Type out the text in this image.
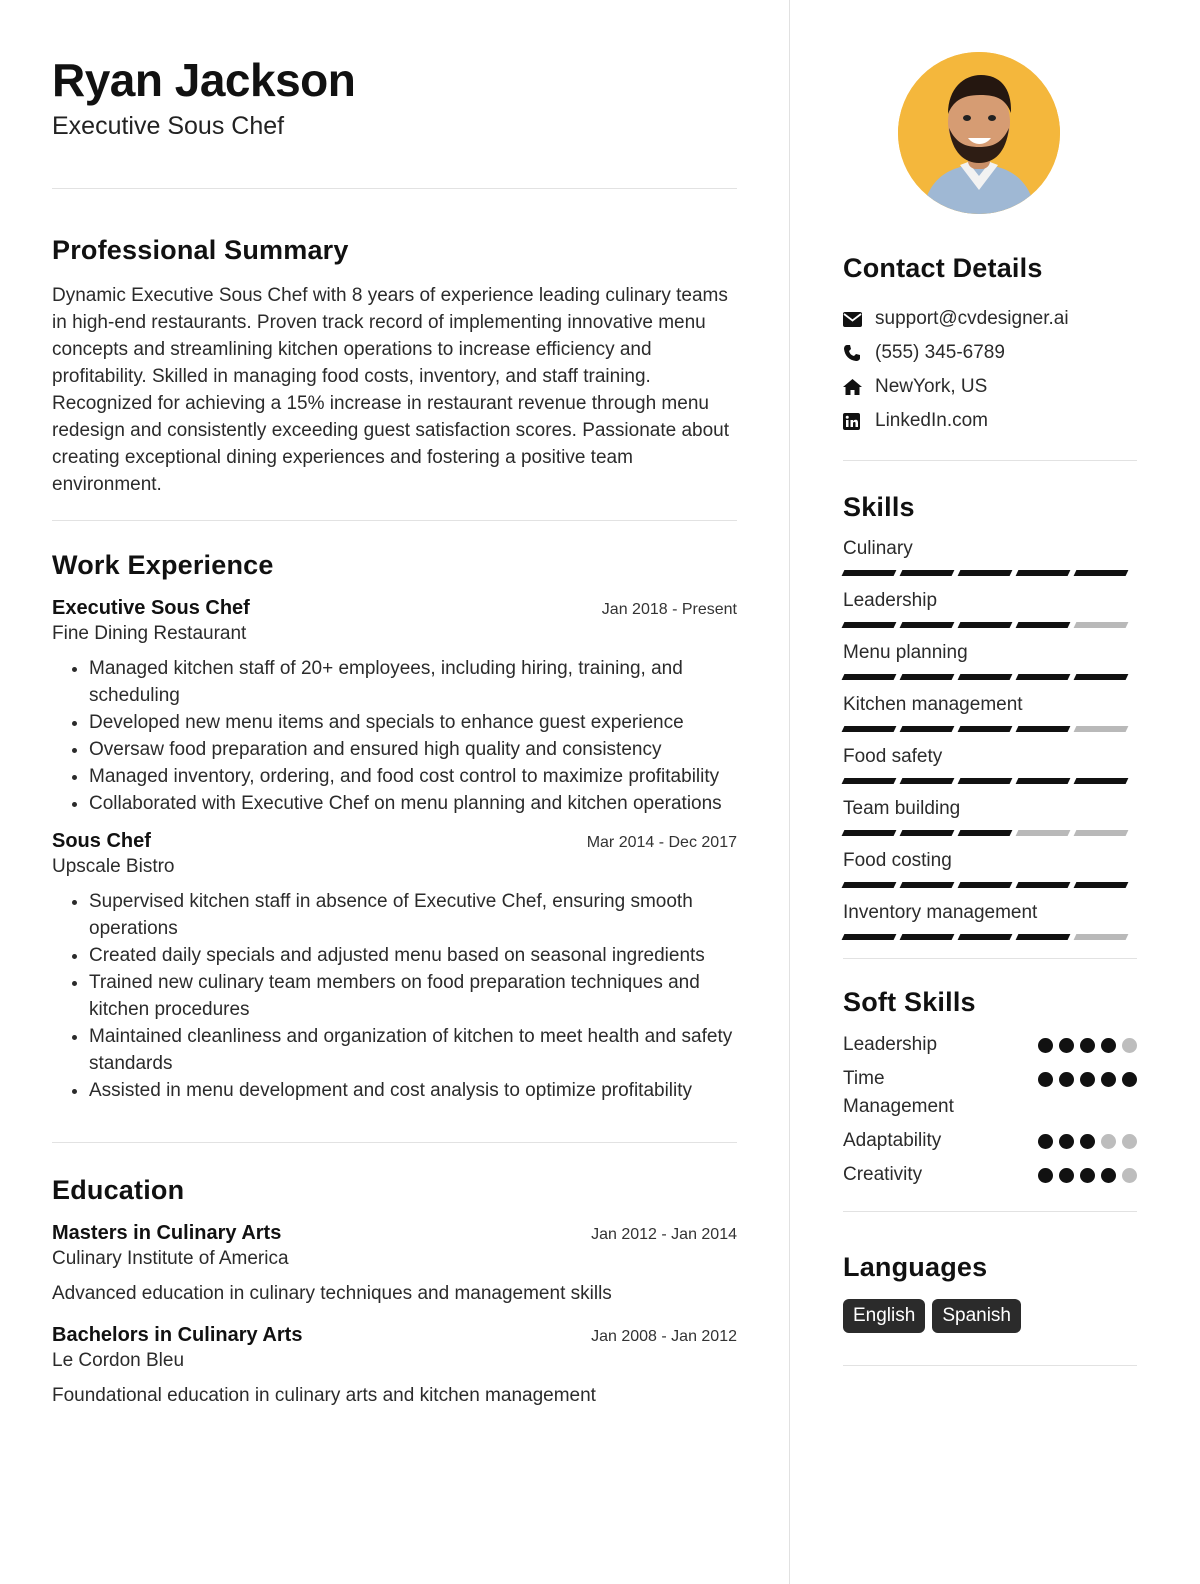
Ryan Jackson
Executive Sous Chef
Professional Summary
Dynamic Executive Sous Chef with 8 years of experience leading culinary teams in high-end restaurants. Proven track record of implementing innovative menu concepts and streamlining kitchen operations to increase efficiency and profitability. Skilled in managing food costs, inventory, and staff training. Recognized for achieving a 15% increase in restaurant revenue through menu redesign and consistently exceeding guest satisfaction scores. Passionate about creating exceptional dining experiences and fostering a positive team environment.
Work Experience
Executive Sous Chef	Jan 2018 - Present
Fine Dining Restaurant
• Managed kitchen staff of 20+ employees, including hiring, training, and scheduling
• Developed new menu items and specials to enhance guest experience
• Oversaw food preparation and ensured high quality and consistency
• Managed inventory, ordering, and food cost control to maximize profitability
• Collaborated with Executive Chef on menu planning and kitchen operations
Sous Chef	Mar 2014 - Dec 2017
Upscale Bistro
• Supervised kitchen staff in absence of Executive Chef, ensuring smooth operations
• Created daily specials and adjusted menu based on seasonal ingredients
• Trained new culinary team members on food preparation techniques and kitchen procedures
• Maintained cleanliness and organization of kitchen to meet health and safety standards
• Assisted in menu development and cost analysis to optimize profitability
Education
Masters in Culinary Arts	Jan 2012 - Jan 2014
Culinary Institute of America
Advanced education in culinary techniques and management skills
Bachelors in Culinary Arts	Jan 2008 - Jan 2012
Le Cordon Bleu
Foundational education in culinary arts and kitchen management
Contact Details
support@cvdesigner.ai
(555) 345-6789
NewYork, US
LinkedIn.com
Skills
Culinary
Leadership
Menu planning
Kitchen management
Food safety
Team building
Food costing
Inventory management
Soft Skills
Leadership
Time Management
Adaptability
Creativity
Languages
English	Spanish
